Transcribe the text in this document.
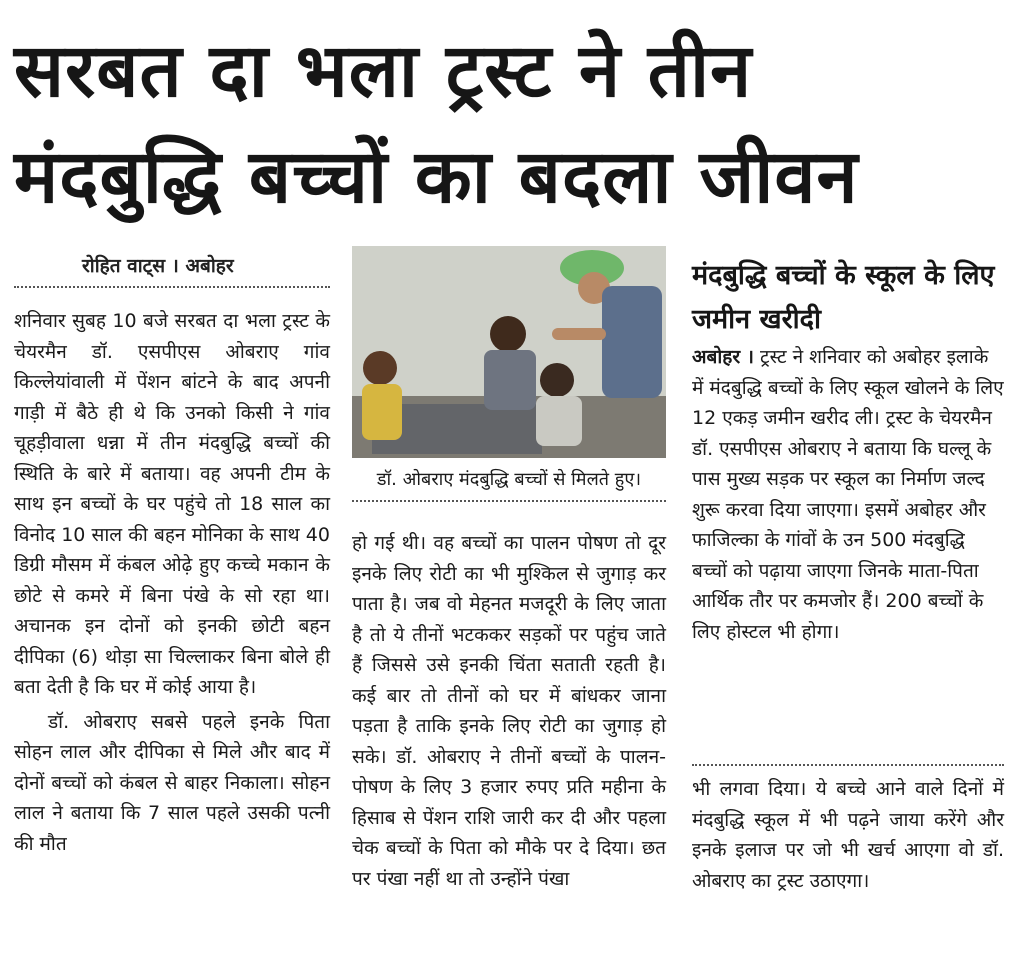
सरबत दा भला ट्रस्ट ने तीन
मंदबुद्धि बच्चों का बदला जीवन
रोहित वाट्स । अबोहर

शनिवार सुबह 10 बजे सरबत दा भला ट्रस्ट के चेयरमैन डॉ. एसपीएस ओबराए गांव किल्लेयांवाली में पेंशन बांटने के बाद अपनी गाड़ी में बैठे ही थे कि उनको किसी ने गांव चूहड़ीवाला धन्ना में तीन मंदबुद्धि बच्चों की स्थिति के बारे में बताया। वह अपनी टीम के साथ इन बच्चों के घर पहुंचे तो 18 साल का विनोद 10 साल की बहन मोनिका के साथ 40 डिग्री मौसम में कंबल ओढ़े हुए कच्चे मकान के छोटे से कमरे में बिना पंखे के सो रहा था। अचानक इन दोनों को इनकी छोटी बहन दीपिका (6) थोड़ा सा चिल्लाकर बिना बोले ही बता देती है कि घर में कोई आया है।

डॉ. ओबराए सबसे पहले इनके पिता सोहन लाल और दीपिका से मिले और बाद में दोनों बच्चों को कंबल से बाहर निकाला। सोहन लाल ने बताया कि 7 साल पहले उसकी पत्नी की मौत

डॉ. ओबराए मंदबुद्धि बच्चों से मिलते हुए।

हो गई थी। वह बच्चों का पालन पोषण तो दूर इनके लिए रोटी का भी मुश्किल से जुगाड़ कर पाता है। जब वो मेहनत मजदूरी के लिए जाता है तो ये तीनों भटककर सड़कों पर पहुंच जाते हैं जिससे उसे इनकी चिंता सताती रहती है। कई बार तो तीनों को घर में बांधकर जाना पड़ता है ताकि इनके लिए रोटी का जुगाड़ हो सके। डॉ. ओबराए ने तीनों बच्चों के पालन-पोषण के लिए 3 हजार रुपए प्रति महीना के हिसाब से पेंशन राशि जारी कर दी और पहला चेक बच्चों के पिता को मौके पर दे दिया। छत पर पंखा नहीं था तो उन्होंने पंखा

मंदबुद्धि बच्चों के स्कूल के लिए जमीन खरीदी
अबोहर । ट्रस्ट ने शनिवार को अबोहर इलाके में मंदबुद्धि बच्चों के लिए स्कूल खोलने के लिए 12 एकड़ जमीन खरीद ली। ट्रस्ट के चेयरमैन डॉ. एसपीएस ओबराए ने बताया कि घल्लू के पास मुख्य सड़क पर स्कूल का निर्माण जल्द शुरू करवा दिया जाएगा। इसमें अबोहर और फाजिल्का के गांवों के उन 500 मंदबुद्धि बच्चों को पढ़ाया जाएगा जिनके माता-पिता आर्थिक तौर पर कमजोर हैं। 200 बच्चों के लिए होस्टल भी होगा।

भी लगवा दिया। ये बच्चे आने वाले दिनों में मंदबुद्धि स्कूल में भी पढ़ने जाया करेंगे और इनके इलाज पर जो भी खर्च आएगा वो डॉ. ओबराए का ट्रस्ट उठाएगा।
